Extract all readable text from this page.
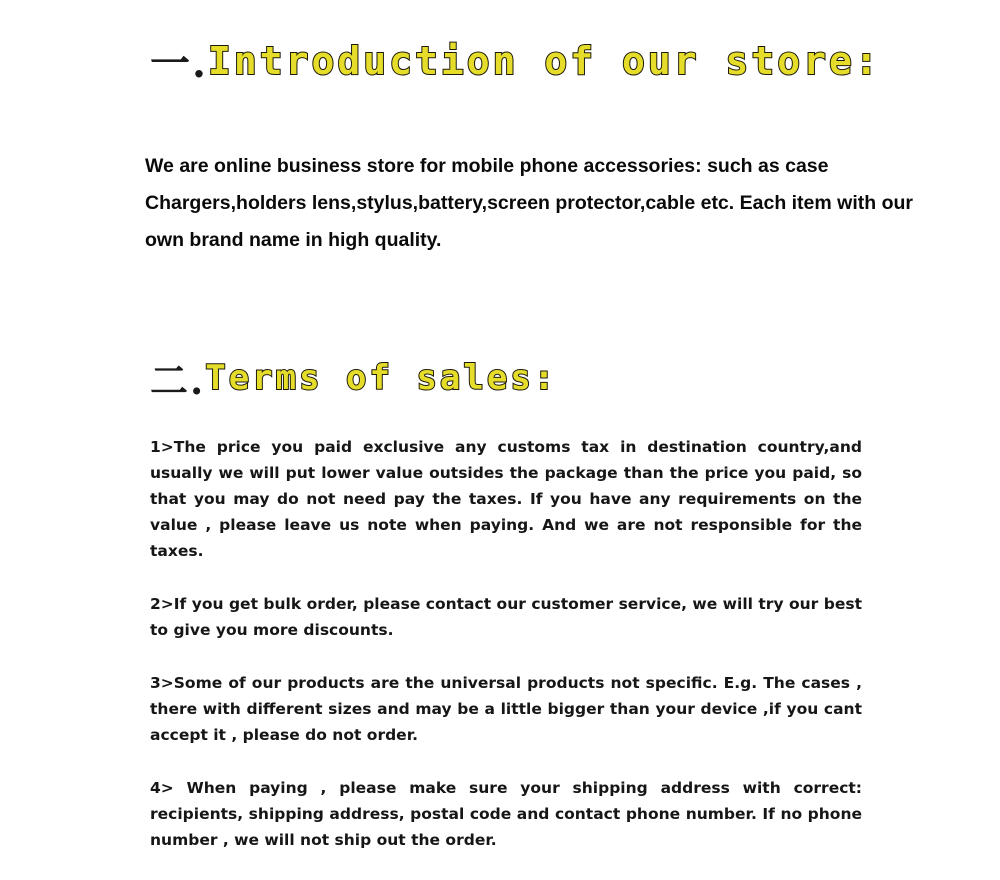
一. Introduction of our store:

We are online business store for mobile phone accessories: such as case Chargers,holders lens,stylus,battery,screen protector,cable etc. Each item with our own brand name in high quality.

二. Terms of sales:
1>The price you paid exclusive any customs tax in destination country,and usually we will put lower value outsides the package than the price you paid, so that you may do not need pay the taxes. If you have any requirements on the value , please leave us note when paying. And we are not responsible for the taxes.
2>If you get bulk order, please contact our customer service, we will try our best to give you more discounts.
3>Some of our products are the universal products not specific. E.g. The cases , there with different sizes and may be a little bigger than your device ,if you cant accept it , please do not order.
4> When paying , please make sure your shipping address with correct: recipients, shipping address, postal code and contact phone number. If no phone number , we will not ship out the order.
